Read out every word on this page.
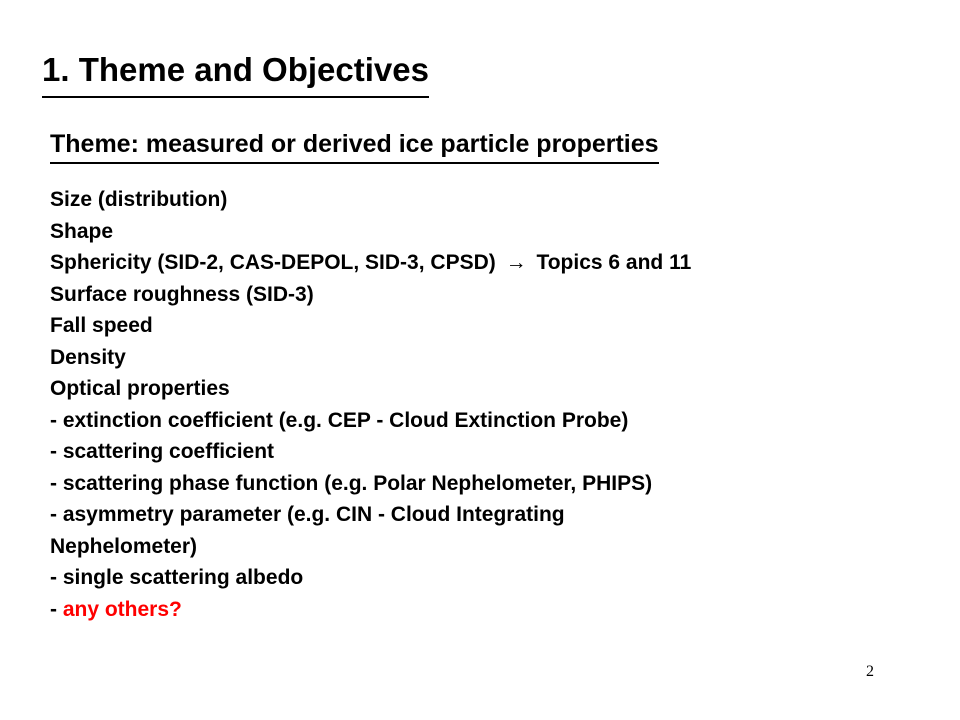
1. Theme and Objectives
Theme: measured or derived ice particle properties
Size (distribution)
Shape
Sphericity (SID-2, CAS-DEPOL, SID-3, CPSD) → Topics 6 and 11
Surface roughness (SID-3)
Fall speed
Density
Optical properties
- extinction coefficient (e.g. CEP - Cloud Extinction Probe)
- scattering coefficient
- scattering phase function (e.g. Polar Nephelometer, PHIPS)
- asymmetry parameter (e.g. CIN - Cloud Integrating
Nephelometer)
- single scattering albedo
- any others?
2
